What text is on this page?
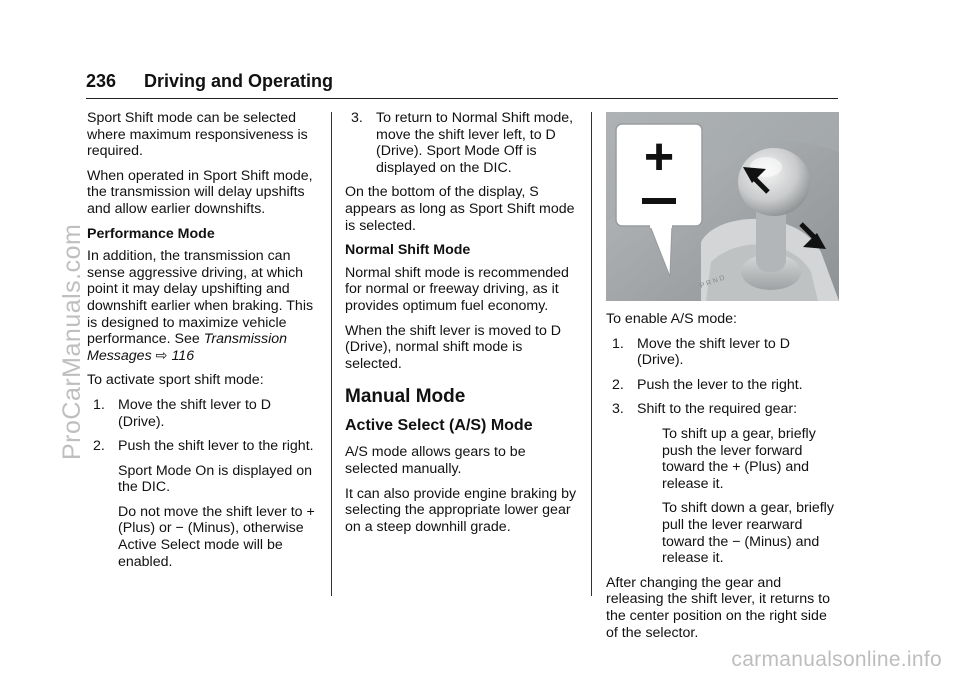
236 Driving and Operating

Sport Shift mode can be selected where maximum responsiveness is required.

When operated in Sport Shift mode, the transmission will delay upshifts and allow earlier downshifts.

Performance Mode

In addition, the transmission can sense aggressive driving, at which point it may delay upshifting and downshift earlier when braking. This is designed to maximize vehicle performance. See Transmission Messages ⇨ 116

To activate sport shift mode:

1. Move the shift lever to D (Drive).
2. Push the shift lever to the right.

Sport Mode On is displayed on the DIC.

Do not move the shift lever to + (Plus) or − (Minus), otherwise Active Select mode will be enabled.

3. To return to Normal Shift mode, move the shift lever left, to D (Drive). Sport Mode Off is displayed on the DIC.

On the bottom of the display, S appears as long as Sport Shift mode is selected.

Normal Shift Mode

Normal shift mode is recommended for normal or freeway driving, as it provides optimum fuel economy.

When the shift lever is moved to D (Drive), normal shift mode is selected.

Manual Mode
Active Select (A/S) Mode

A/S mode allows gears to be selected manually.

It can also provide engine braking by selecting the appropriate lower gear on a steep downhill grade.

P R N D
+

To enable A/S mode:

1. Move the shift lever to D (Drive).
2. Push the lever to the right.
3. Shift to the required gear:

To shift up a gear, briefly push the lever forward toward the + (Plus) and release it.

To shift down a gear, briefly pull the lever rearward toward the − (Minus) and release it.

After changing the gear and releasing the shift lever, it returns to the center position on the right side of the selector.

ProCarManuals.com
carmanualsonline.info
